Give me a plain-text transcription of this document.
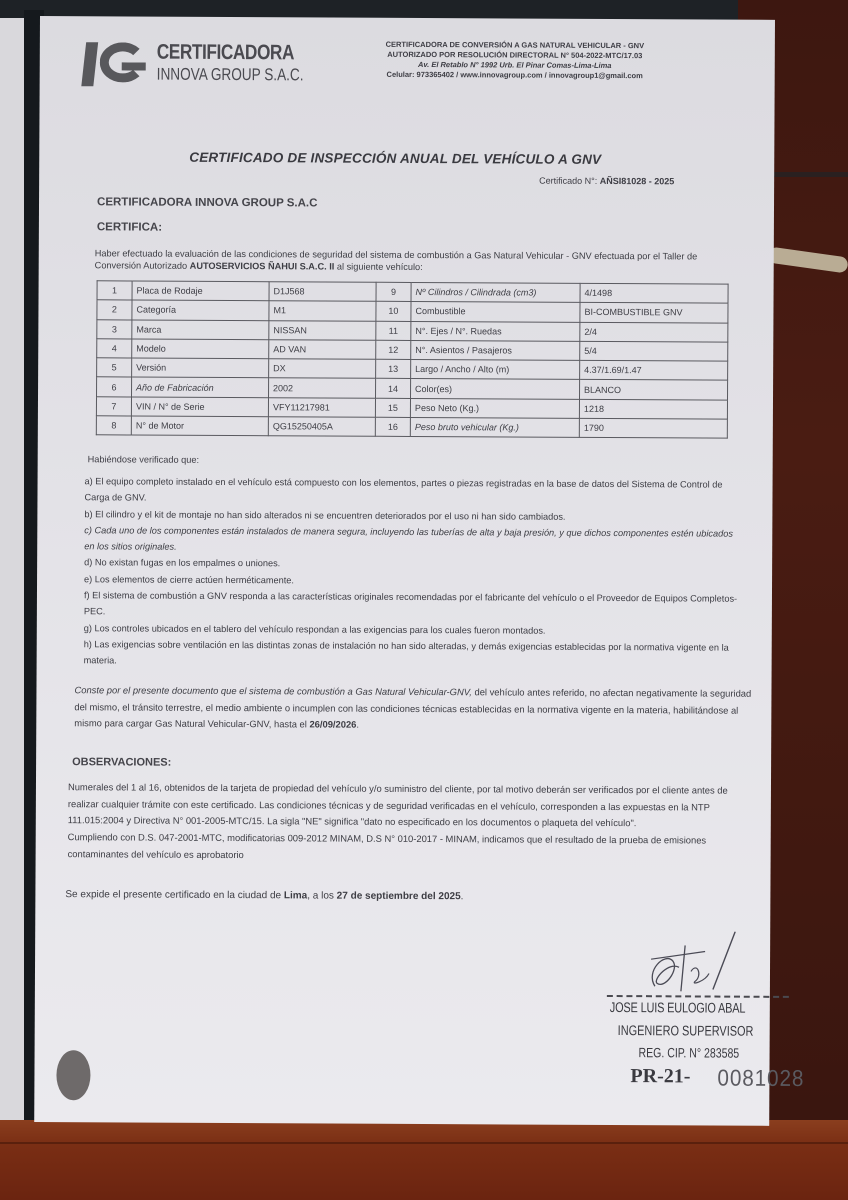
CERTIFICADORA
INNOVA GROUP S.A.C.
CERTIFICADORA DE CONVERSIÓN A GAS NATURAL VEHICULAR - GNV
AUTORIZADO POR RESOLUCIÓN DIRECTORAL N° 504-2022-MTC/17.03
Av. El Retablo N° 1992 Urb. El Pinar Comas-Lima-Lima
Celular: 973365402 / www.innovagroup.com / innovagroup1@gmail.com
CERTIFICADO DE INSPECCIÓN ANUAL DEL VEHÍCULO A GNV
Certificado N°: AÑSI81028 - 2025
CERTIFICADORA INNOVA GROUP S.A.C
CERTIFICA:
Haber efectuado la evaluación de las condiciones de seguridad del sistema de combustión a Gas Natural Vehicular - GNV efectuada por el Taller de Conversión Autorizado AUTOSERVICIOS ÑAHUI S.A.C. II al siguiente vehículo:
1	Placa de Rodaje	D1J568	9	Nº Cilindros / Cilindrada (cm3)	4/1498
2	Categoría	M1	10	Combustible	BI-COMBUSTIBLE GNV
3	Marca	NISSAN	11	N°. Ejes / N°. Ruedas	2/4
4	Modelo	AD VAN	12	N°. Asientos / Pasajeros	5/4
5	Versión	DX	13	Largo / Ancho / Alto (m)	4.37/1.69/1.47
6	Año de Fabricación	2002	14	Color(es)	BLANCO
7	VIN / N° de Serie	VFY11217981	15	Peso Neto (Kg.)	1218
8	N° de Motor	QG15250405A	16	Peso bruto vehicular (Kg.)	1790
Habiéndose verificado que:

a) El equipo completo instalado en el vehículo está compuesto con los elementos, partes o piezas registradas en la base de datos del Sistema de Control de Carga de GNV.

b) El cilindro y el kit de montaje no han sido alterados ni se encuentren deteriorados por el uso ni han sido cambiados.

c) Cada uno de los componentes están instalados de manera segura, incluyendo las tuberías de alta y baja presión, y que dichos componentes estén ubicados en los sitios originales.

d) No existan fugas en los empalmes o uniones.

e) Los elementos de cierre actúen herméticamente.

f) El sistema de combustión a GNV responda a las características originales recomendadas por el fabricante del vehículo o el Proveedor de Equipos Completos-PEC.

g) Los controles ubicados en el tablero del vehículo respondan a las exigencias para los cuales fueron montados.

h) Las exigencias sobre ventilación en las distintas zonas de instalación no han sido alteradas, y demás exigencias establecidas por la normativa vigente en la materia.

Conste por el presente documento que el sistema de combustión a Gas Natural Vehicular-GNV, del vehículo antes referido, no afectan negativamente la seguridad del mismo, el tránsito terrestre, el medio ambiente o incumplen con las condiciones técnicas establecidas en la normativa vigente en la materia, habilitándose al mismo para cargar Gas Natural Vehicular-GNV, hasta el 26/09/2026.
OBSERVACIONES:

Numerales del 1 al 16, obtenidos de la tarjeta de propiedad del vehículo y/o suministro del cliente, por tal motivo deberán ser verificados por el cliente antes de realizar cualquier trámite con este certificado. Las condiciones técnicas y de seguridad verificadas en el vehículo, corresponden a las expuestas en la NTP 111.015:2004 y Directiva N° 001-2005-MTC/15. La sigla "NE" significa "dato no especificado en los documentos o plaqueta del vehículo".

Cumpliendo con D.S. 047-2001-MTC, modificatorias 009-2012 MINAM, D.S N° 010-2017 - MINAM, indicamos que el resultado de la prueba de emisiones contaminantes del vehículo es aprobatorio

Se expide el presente certificado en la ciudad de Lima, a los 27 de septiembre del 2025.
JOSE LUIS EULOGIO ABAL
INGENIERO SUPERVISOR
REG. CIP. N° 283585
PR-21- 0081028
